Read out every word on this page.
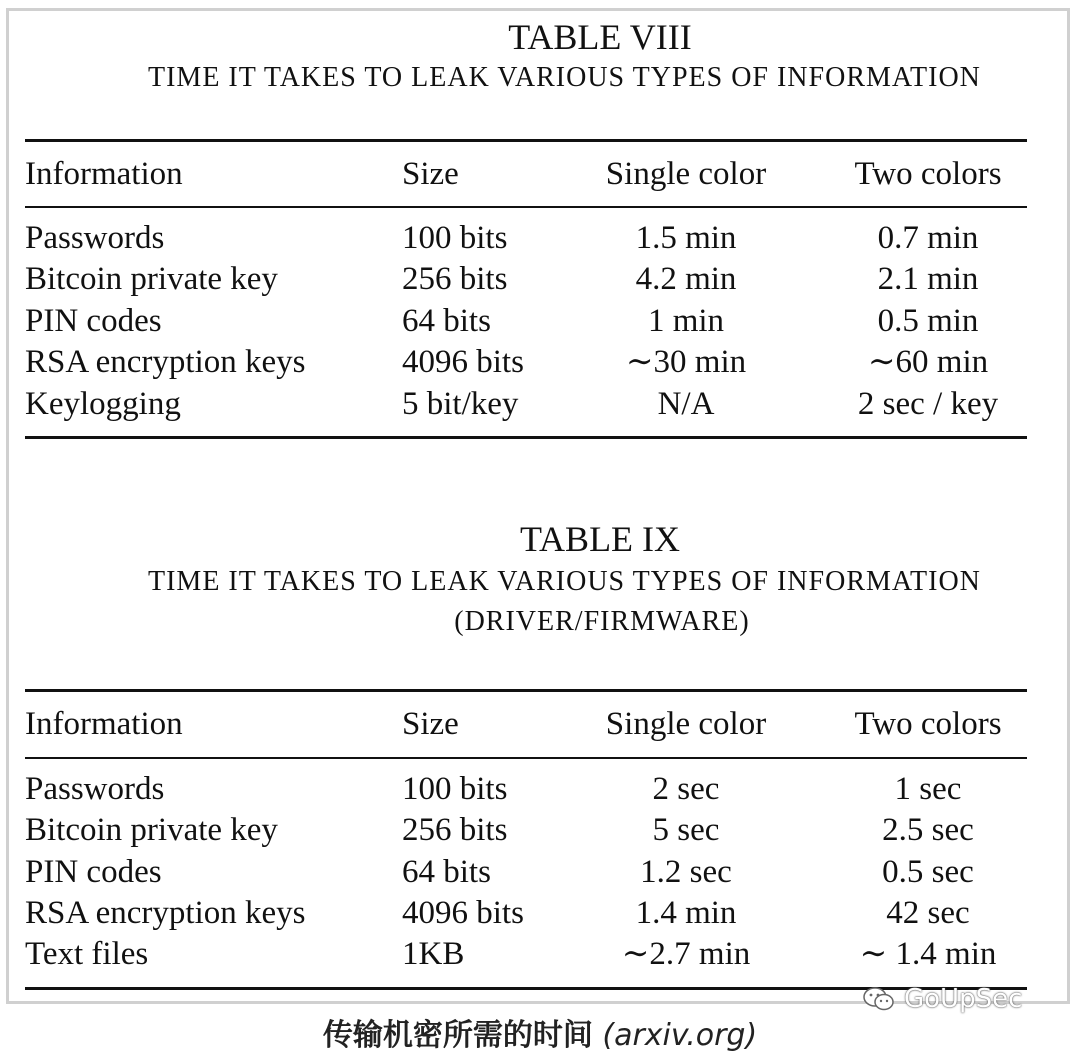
TABLE VIII
TIME IT TAKES TO LEAK VARIOUS TYPES OF INFORMATION
Information	Size	Single color	Two colors
Passwords	100 bits	1.5 min	0.7 min
Bitcoin private key	256 bits	4.2 min	2.1 min
PIN codes	64 bits	1 min	0.5 min
RSA encryption keys	4096 bits	∼30 min	∼60 min
Keylogging	5 bit/key	N/A	2 sec / key
TABLE IX
TIME IT TAKES TO LEAK VARIOUS TYPES OF INFORMATION
(DRIVER/FIRMWARE)
Information	Size	Single color	Two colors
Passwords	100 bits	2 sec	1 sec
Bitcoin private key	256 bits	5 sec	2.5 sec
PIN codes	64 bits	1.2 sec	0.5 sec
RSA encryption keys	4096 bits	1.4 min	42 sec
Text files	1KB	∼2.7 min	∼ 1.4 min
GoUpSec
传输机密所需的时间 (arxiv.org)
